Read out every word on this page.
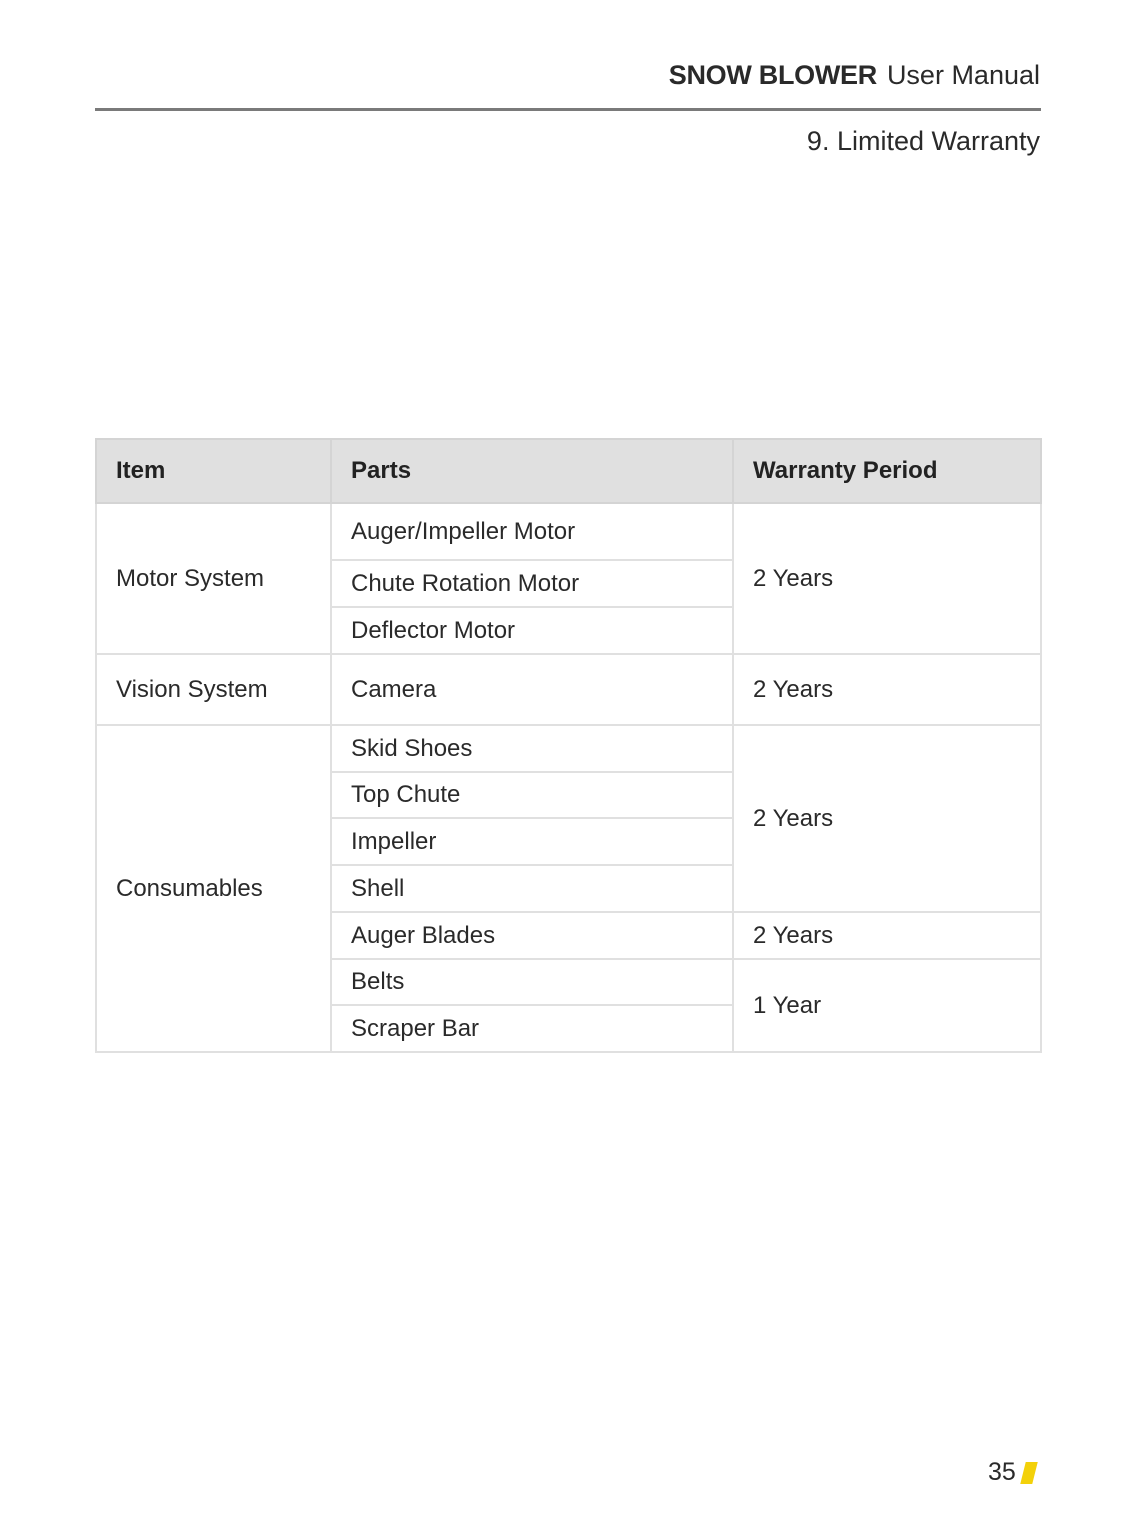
SNOW BLOWER User Manual
9. Limited Warranty
Item	Parts	Warranty Period
Motor System	Auger/Impeller Motor	2 Years
	Chute Rotation Motor	
	Deflector Motor	
Vision System	Camera	2 Years
Consumables	Skid Shoes	2 Years
	Top Chute	
	Impeller	
	Shell	
	Auger Blades	2 Years
	Belts	1 Year
	Scraper Bar	
35
